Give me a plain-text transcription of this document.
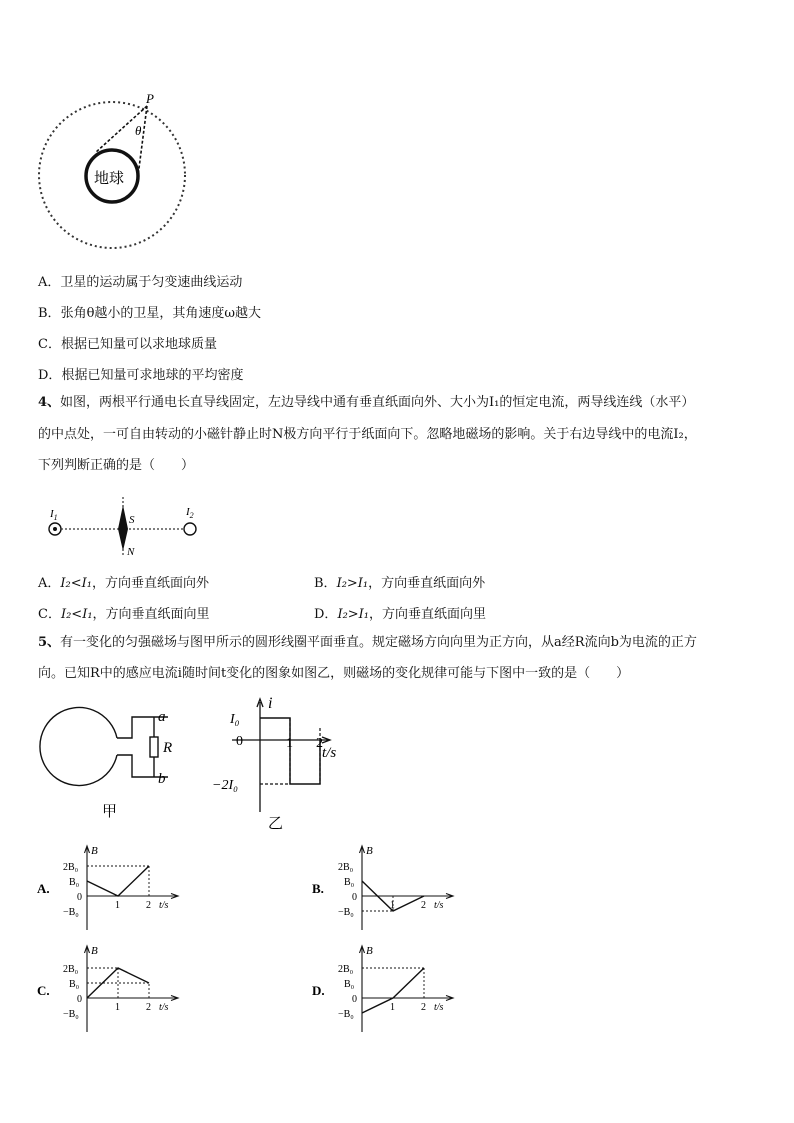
P
θ
地球
A．卫星的运动属于匀变速曲线运动
B．张角θ越小的卫星，其角速度ω越大
C．根据已知量可以求地球质量
D．根据已知量可求地球的平均密度
4、如图，两根平行通电长直导线固定，左边导线中通有垂直纸面向外、大小为I₁的恒定电流，两导线连线（水平）
的中点处，一可自由转动的小磁针静止时N极方向平行于纸面向下。忽略地磁场的影响。关于右边导线中的电流I₂，
下列判断正确的是（　　）
$I_1$	$I_2$
S
N
A．I₂<I₁，方向垂直纸面向外	B．I₂>I₁，方向垂直纸面向外
C．I₂<I₁，方向垂直纸面向里	D．I₂>I₁，方向垂直纸面向里
5、有一变化的匀强磁场与图甲所示的圆形线圈平面垂直。规定磁场方向向里为正方向，从a经R流向b为电流的正方
向。已知R中的感应电流i随时间t变化的图象如图乙，则磁场的变化规律可能与下图中一致的是（　　）
a
R
b
甲
i
t/s
I₀
0
−2I₀
1 2
乙
A.
B
2B₀
B₀
0
−B₀
1	2 t/s
B.
B
2B₀
B₀
0
−B₀
1	2 t/s
C.
B
2B₀
B₀
0
−B₀
1	2 t/s
D.
B
2B₀
B₀
0
−B₀
1	2 t/s
